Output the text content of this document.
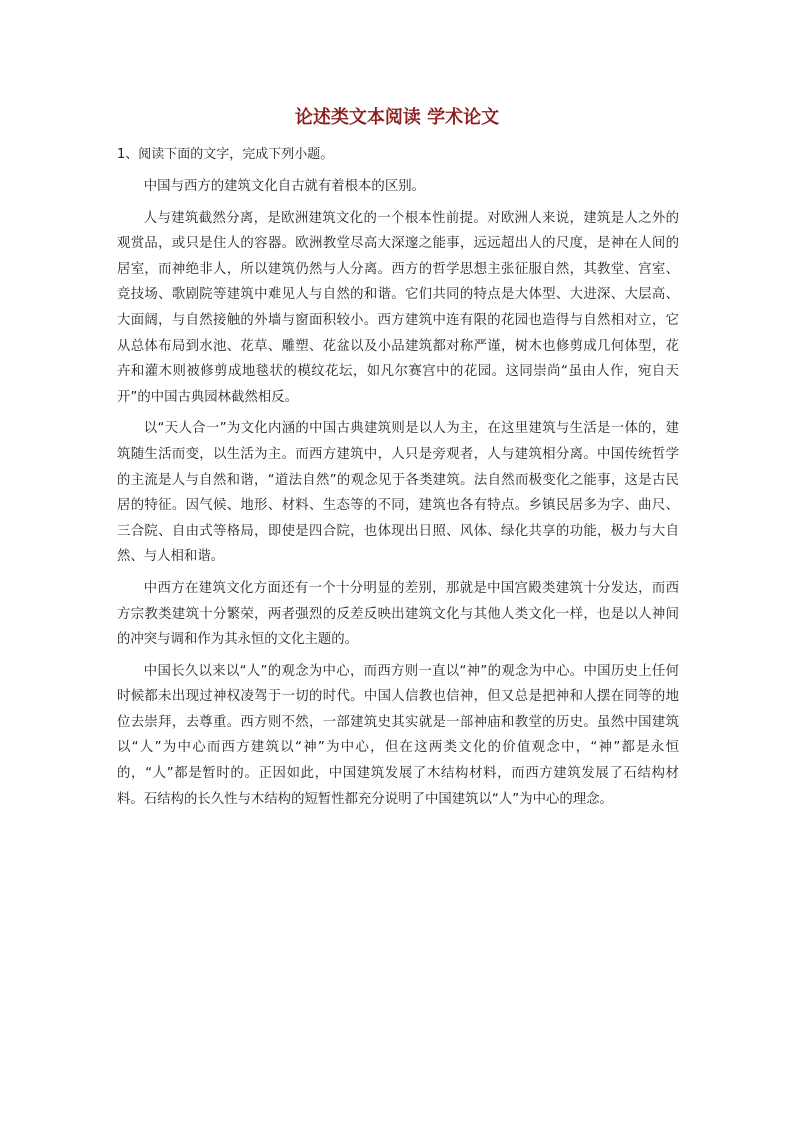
论述类文本阅读 学术论文
1、阅读下面的文字，完成下列小题。

中国与西方的建筑文化自古就有着根本的区别。

人与建筑截然分离，是欧洲建筑文化的一个根本性前提。对欧洲人来说，建筑是人之外的观赏品，或只是住人的容器。欧洲教堂尽高大深邃之能事，远远超出人的尺度，是神在人间的居室，而神绝非人，所以建筑仍然与人分离。西方的哲学思想主张征服自然，其教堂、宫室、竞技场、歌剧院等建筑中难见人与自然的和谐。它们共同的特点是大体型、大进深、大层高、大面阔，与自然接触的外墙与窗面积较小。西方建筑中连有限的花园也造得与自然相对立，它从总体布局到水池、花草、雕塑、花盆以及小品建筑都对称严谨，树木也修剪成几何体型，花卉和灌木则被修剪成地毯状的模纹花坛，如凡尔赛宫中的花园。这同崇尚“虽由人作，宛自天开”的中国古典园林截然相反。

以“天人合一”为文化内涵的中国古典建筑则是以人为主，在这里建筑与生活是一体的，建筑随生活而变，以生活为主。而西方建筑中，人只是旁观者，人与建筑相分离。中国传统哲学的主流是人与自然和谐，“道法自然”的观念见于各类建筑。法自然而极变化之能事，这是古民居的特征。因气候、地形、材料、生态等的不同，建筑也各有特点。乡镇民居多为字、曲尺、三合院、自由式等格局，即使是四合院，也体现出日照、风体、绿化共享的功能，极力与大自然、与人相和谐。

中西方在建筑文化方面还有一个十分明显的差别，那就是中国宫殿类建筑十分发达，而西方宗教类建筑十分繁荣，两者强烈的反差反映出建筑文化与其他人类文化一样，也是以人神间的冲突与调和作为其永恒的文化主题的。

中国长久以来以“人”的观念为中心，而西方则一直以“神”的观念为中心。中国历史上任何时候都未出现过神权凌驾于一切的时代。中国人信教也信神，但又总是把神和人摆在同等的地位去崇拜，去尊重。西方则不然，一部建筑史其实就是一部神庙和教堂的历史。虽然中国建筑以“人”为中心而西方建筑以“神”为中心，但在这两类文化的价值观念中，“神”都是永恒的，“人”都是暂时的。正因如此，中国建筑发展了木结构材料，而西方建筑发展了石结构材料。石结构的长久性与木结构的短暂性都充分说明了中国建筑以“人”为中心的理念。
